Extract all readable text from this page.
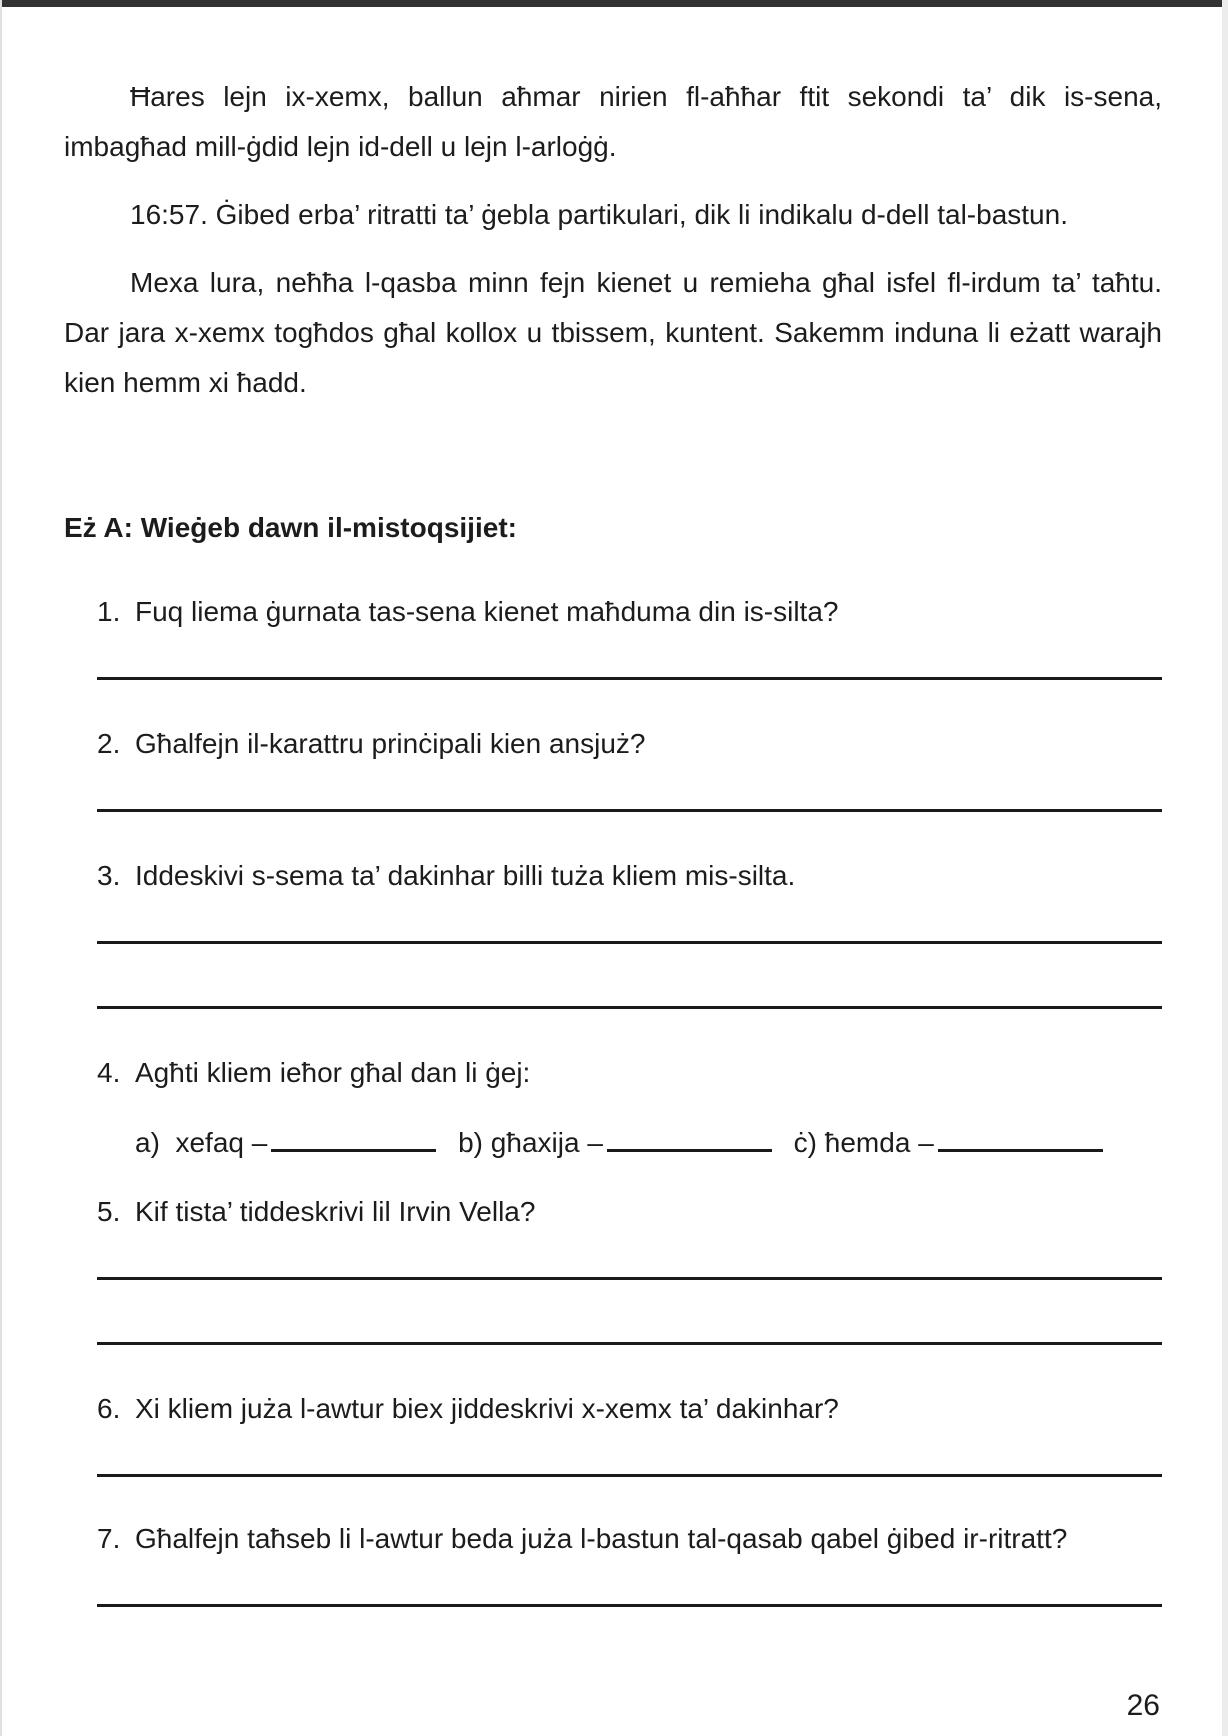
Ħares lejn ix-xemx, ballun aħmar nirien fl-aħħar ftit sekondi ta’ dik is-sena, imbagħad mill-ġdid lejn id-dell u lejn l-arloġġ.

16:57. Ġibed erba’ ritratti ta’ ġebla partikulari, dik li indikalu d-dell tal-bastun.

Mexa lura, neħħa l-qasba minn fejn kienet u remieha għal isfel fl-irdum ta’ taħtu. Dar jara x-xemx togħdos għal kollox u tbissem, kuntent. Sakemm induna li eżatt warajh kien hemm xi ħadd.

Eż A: Wieġeb dawn il-mistoqsijiet:
1. Fuq liema ġurnata tas-sena kienet maħduma din is-silta?
2. Għalfejn il-karattru prinċipali kien ansjuż?
3. Iddeskivi s-sema ta’ dakinhar billi tuża kliem mis-silta.
4. Agħti kliem ieħor għal dan li ġej:
a) xefaq –	b) għaxija –	ċ) ħemda –
5. Kif tista’ tiddeskrivi lil Irvin Vella?
6. Xi kliem juża l-awtur biex jiddeskrivi x-xemx ta’ dakinhar?
7. Għalfejn taħseb li l-awtur beda juża l-bastun tal-qasab qabel ġibed ir-ritratt?
26
